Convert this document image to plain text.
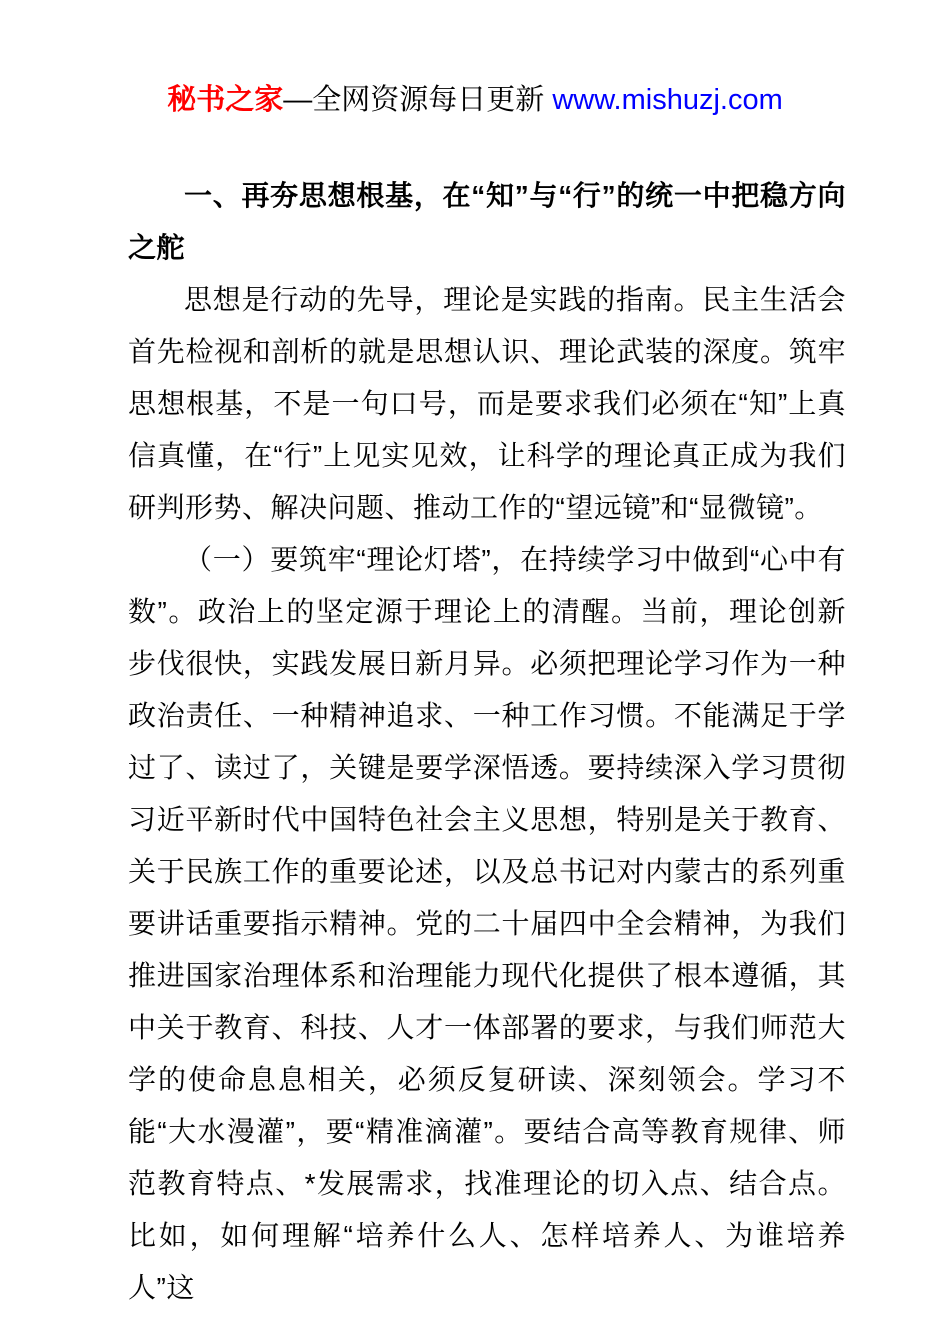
秘书之家—全网资源每日更新 www.mishuzj.com

一、再夯思想根基，在“知”与“行”的统一中把稳方向之舵

思想是行动的先导，理论是实践的指南。民主生活会首先检视和剖析的就是思想认识、理论武装的深度。筑牢思想根基，不是一句口号，而是要求我们必须在“知”上真信真懂，在“行”上见实见效，让科学的理论真正成为我们研判形势、解决问题、推动工作的“望远镜”和“显微镜”。

（一）要筑牢“理论灯塔”，在持续学习中做到“心中有数”。政治上的坚定源于理论上的清醒。当前，理论创新步伐很快，实践发展日新月异。必须把理论学习作为一种政治责任、一种精神追求、一种工作习惯。不能满足于学过了、读过了，关键是要学深悟透。要持续深入学习贯彻习近平新时代中国特色社会主义思想，特别是关于教育、关于民族工作的重要论述，以及总书记对内蒙古的系列重要讲话重要指示精神。党的二十届四中全会精神，为我们推进国家治理体系和治理能力现代化提供了根本遵循，其中关于教育、科技、人才一体部署的要求，与我们师范大学的使命息息相关，必须反复研读、深刻领会。学习不能“大水漫灌”，要“精准滴灌”。要结合高等教育规律、师范教育特点、*发展需求，找准理论的切入点、结合点。比如，如何理解“培养什么人、怎样培养人、为谁培养人”这
